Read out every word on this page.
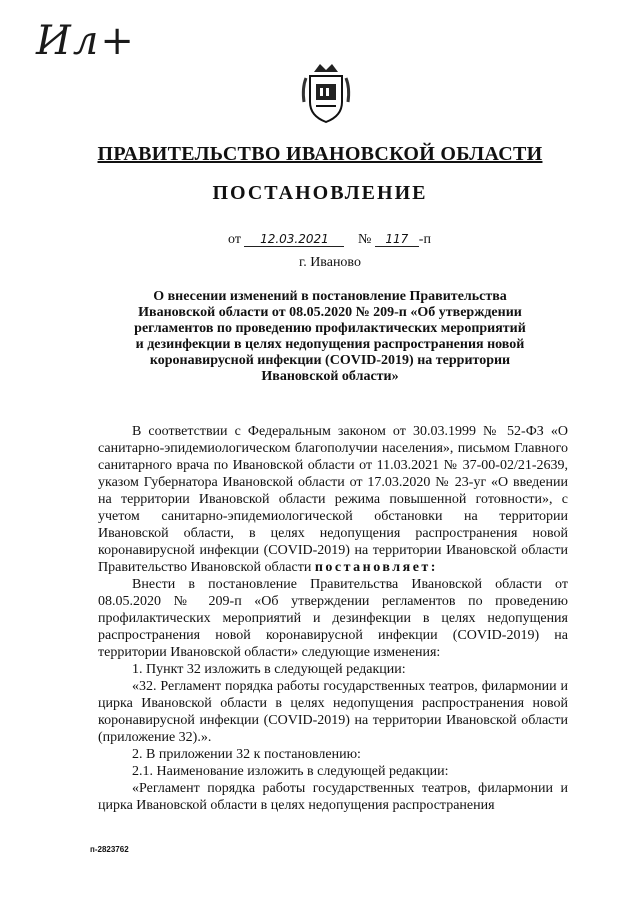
Ил+
ПРАВИТЕЛЬСТВО ИВАНОВСКОЙ ОБЛАСТИ
ПОСТАНОВЛЕНИЕ
от 12.03.2021 № 117 -п
г. Иваново
О внесении изменений в постановление Правительства
Ивановской области от 08.05.2020 № 209-п «Об утверждении
регламентов по проведению профилактических мероприятий
и дезинфекции в целях недопущения распространения новой
коронавирусной инфекции (COVID-2019) на территории
Ивановской области»

В соответствии с Федеральным законом от 30.03.1999 № 52-ФЗ «О санитарно-эпидемиологическом благополучии населения», письмом Главного санитарного врача по Ивановской области от 11.03.2021 № 37-00-02/21-2639, указом Губернатора Ивановской области от 17.03.2020 № 23-уг «О введении на территории Ивановской области режима повышенной готовности», с учетом санитарно-эпидемиологической обстановки на территории Ивановской области, в целях недопущения распространения новой коронавирусной инфекции (COVID-2019) на территории Ивановской области Правительство Ивановской области постановляет:

Внести в постановление Правительства Ивановской области от 08.05.2020 № 209-п «Об утверждении регламентов по проведению профилактических мероприятий и дезинфекции в целях недопущения распространения новой коронавирусной инфекции (COVID-2019) на территории Ивановской области» следующие изменения:

1. Пункт 32 изложить в следующей редакции:

«32. Регламент порядка работы государственных театров, филармонии и цирка Ивановской области в целях недопущения распространения новой коронавирусной инфекции (COVID-2019) на территории Ивановской области (приложение 32).».

2. В приложении 32 к постановлению:

2.1. Наименование изложить в следующей редакции:

«Регламент порядка работы государственных театров, филармонии и цирка Ивановской области в целях недопущения распространения

п-2823762
